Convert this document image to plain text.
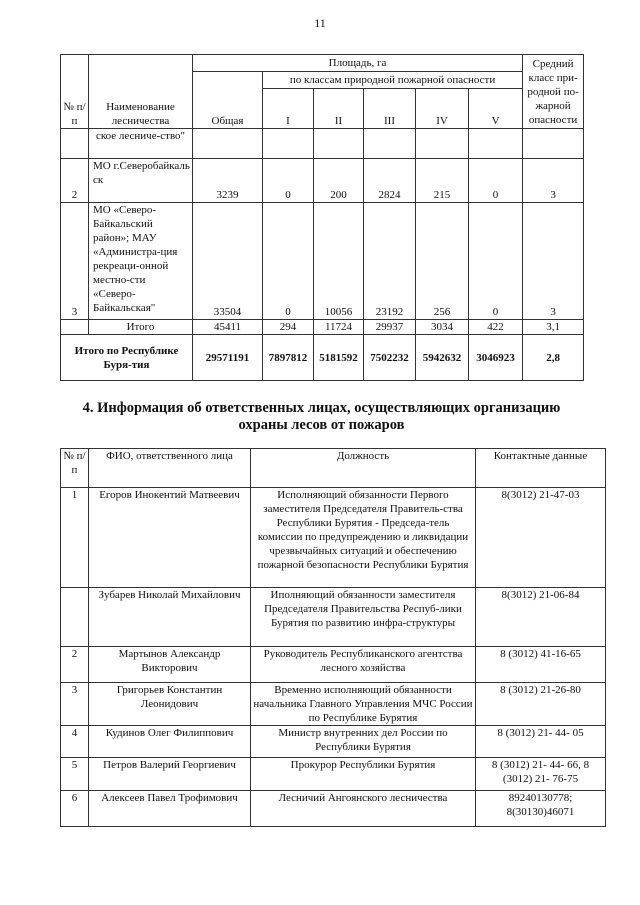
11
№ п/п	Наименование лесничества	Площадь, га						Средний класс при-родной по-жарной опасности
		Общая	по классам природной пожарной опасности					
			I	II	III	IV	V	
	ское лесниче-ство"							
2	МО г.Северобайкаль ск	3239	0	200	2824	215	0	3
3	МО «Северо-Байкальский район»; МАУ «Администра-ция рекреаци-онной местно-сти «Северо-Байкальская"	33504	0	10056	23192	256	0	3
	Итого	45411	294	11724	29937	3034	422	3,1
Итого по Республике Буря-тия		29571191	7897812	5181592	7502232	5942632	3046923	2,8
4. Информация об ответственных лицах, осуществляющих организацию охраны лесов от пожаров
№ п/п	ФИО, ответственного лица	Должность	Контактные данные
1	Егоров Инокентий Матвеевич	Исполняющий обязанности Первого заместителя Председателя Правитель-ства Республики Бурятия - Председа-тель комиссии по предупреждению и ликвидации чрезвычайных ситуаций и обеспечению пожарной безопасности Республики Бурятия	8(3012) 21-47-03
	Зубарев Николай Михайлович	Иполняющий обязанности заместителя Председателя Правительства Респуб-лики Бурятия по развитию инфра-структуры	8(3012) 21-06-84
2	Мартынов Александр Викторович	Руководитель Республиканского агентства лесного хозяйства	8 (3012) 41-16-65
3	Григорьев Константин Леонидович	Временно исполняющий обязанности начальника Главного Управления МЧС России по Республике Бурятия	8 (3012) 21-26-80
4	Кудинов Олег Филиппович	Министр внутренних дел России по Республики Бурятия	8 (3012) 21- 44- 05
5	Петров Валерий Георгиевич	Прокурор Республики Бурятия	8 (3012) 21- 44- 66, 8 (3012) 21- 76-75
6	Алексеев Павел Трофимович	Лесничий Ангоянского лесничества	89240130778; 8(30130)46071
